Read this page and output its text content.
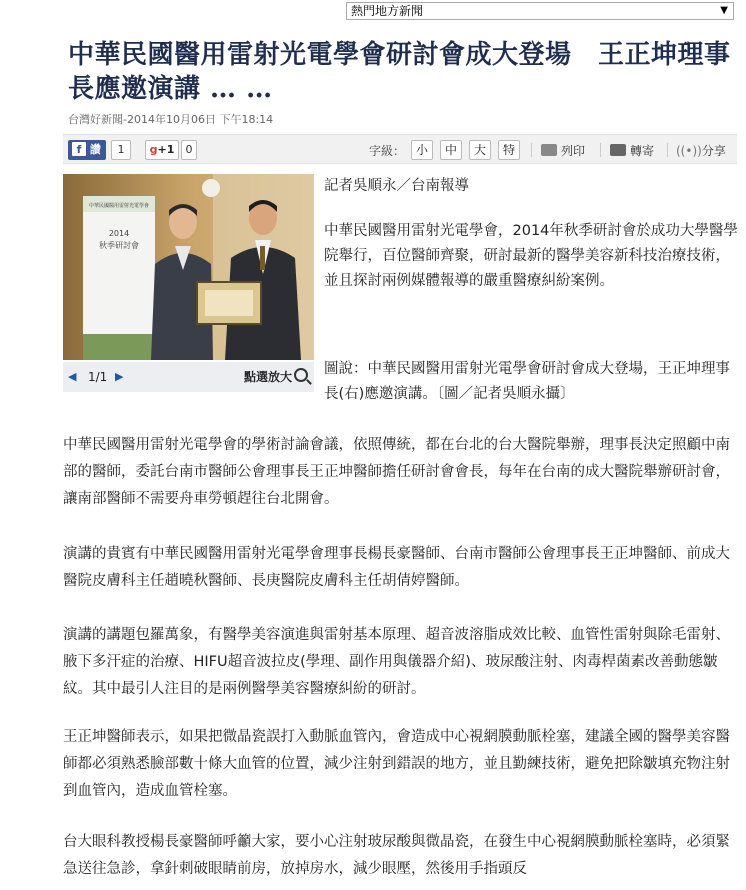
熱門地方新聞	▼
中華民國醫用雷射光電學會研討會成大登場　王正坤理事長應邀演講 … …
台灣好新聞-2014年10月06日 下午18:14
f 讚	1	g+1	0	字級： 小	中	大	特	列印	轉寄 ((•))分享
中華民國醫用雷射光電學會
2014
秋季研討會
◀ 1/1 ▶	點選放大

記者吳順永／台南報導

中華民國醫用雷射光電學會，2014年秋季研討會於成功大學醫學院舉行，百位醫師齊聚，研討最新的醫學美容新科技治療技術，並且探討兩例媒體報導的嚴重醫療糾紛案例。

圖說：中華民國醫用雷射光電學會研討會成大登場，王正坤理事長(右)應邀演講。〔圖／記者吳順永攝〕

中華民國醫用雷射光電學會的學術討論會議，依照傳統，都在台北的台大醫院舉辦，理事長決定照顧中南部的醫師，委託台南市醫師公會理事長王正坤醫師擔任研討會會長，每年在台南的成大醫院舉辦研討會，讓南部醫師不需要舟車勞頓趕往台北開會。

演講的貴賓有中華民國醫用雷射光電學會理事長楊長豪醫師、台南市醫師公會理事長王正坤醫師、前成大醫院皮膚科主任趙曉秋醫師、長庚醫院皮膚科主任胡倩婷醫師。

演講的講題包羅萬象，有醫學美容演進與雷射基本原理、超音波溶脂成效比較、血管性雷射與除毛雷射、腋下多汗症的治療、HIFU超音波拉皮(學理、副作用與儀器介紹)、玻尿酸注射、肉毒桿菌素改善動態皺紋。其中最引人注目的是兩例醫學美容醫療糾紛的研討。

王正坤醫師表示，如果把微晶瓷誤打入動脈血管內，會造成中心視網膜動脈栓塞，建議全國的醫學美容醫師都必須熟悉臉部數十條大血管的位置，減少注射到錯誤的地方，並且勤練技術，避免把除皺填充物注射到血管內，造成血管栓塞。

台大眼科教授楊長豪醫師呼籲大家，要小心注射玻尿酸與微晶瓷，在發生中心視網膜動脈栓塞時，必須緊急送往急診，拿針刺破眼睛前房，放掉房水，減少眼壓，然後用手指頭反
